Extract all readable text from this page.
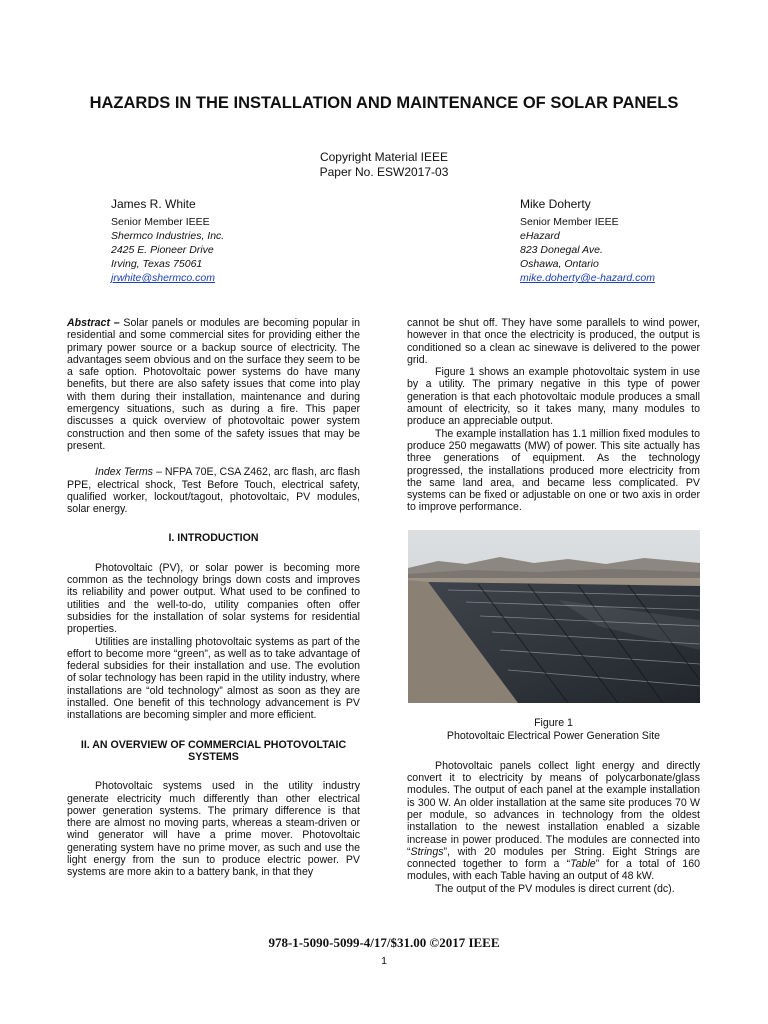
HAZARDS IN THE INSTALLATION AND MAINTENANCE OF SOLAR PANELS
Copyright Material IEEE
Paper No. ESW2017-03
James R. White
Senior Member IEEE
Shermco Industries, Inc.
2425 E. Pioneer Drive
Irving, Texas 75061
jrwhite@shermco.com
Mike Doherty
Senior Member IEEE
eHazard
823 Donegal Ave.
Oshawa, Ontario
mike.doherty@e-hazard.com

Abstract – Solar panels or modules are becoming popular in residential and some commercial sites for providing either the primary power source or a backup source of electricity. The advantages seem obvious and on the surface they seem to be a safe option. Photovoltaic power systems do have many benefits, but there are also safety issues that come into play with them during their installation, maintenance and during emergency situations, such as during a fire. This paper discusses a quick overview of photovoltaic power system construction and then some of the safety issues that may be present.

Index Terms – NFPA 70E, CSA Z462, arc flash, arc flash PPE, electrical shock, Test Before Touch, electrical safety, qualified worker, lockout/tagout, photovoltaic, PV modules, solar energy.

I. INTRODUCTION

Photovoltaic (PV), or solar power is becoming more common as the technology brings down costs and improves its reliability and power output. What used to be confined to utilities and the well-to-do, utility companies often offer subsidies for the installation of solar systems for residential properties.

Utilities are installing photovoltaic systems as part of the effort to become more “green”, as well as to take advantage of federal subsidies for their installation and use. The evolution of solar technology has been rapid in the utility industry, where installations are “old technology” almost as soon as they are installed. One benefit of this technology advancement is PV installations are becoming simpler and more efficient.

II. AN OVERVIEW OF COMMERCIAL PHOTOVOLTAIC SYSTEMS

Photovoltaic systems used in the utility industry generate electricity much differently than other electrical power generation systems. The primary difference is that there are almost no moving parts, whereas a steam-driven or wind generator will have a prime mover. Photovoltaic generating system have no prime mover, as such and use the light energy from the sun to produce electric power. PV systems are more akin to a battery bank, in that they

cannot be shut off. They have some parallels to wind power, however in that once the electricity is produced, the output is conditioned so a clean ac sinewave is delivered to the power grid.

Figure 1 shows an example photovoltaic system in use by a utility. The primary negative in this type of power generation is that each photovoltaic module produces a small amount of electricity, so it takes many, many modules to produce an appreciable output.

The example installation has 1.1 million fixed modules to produce 250 megawatts (MW) of power. This site actually has three generations of equipment. As the technology progressed, the installations produced more electricity from the same land area, and became less complicated. PV systems can be fixed or adjustable on one or two axis in order to improve performance.

Figure 1

Photovoltaic Electrical Power Generation Site

Photovoltaic panels collect light energy and directly convert it to electricity by means of polycarbonate/glass modules. The output of each panel at the example installation is 300 W. An older installation at the same site produces 70 W per module, so advances in technology from the oldest installation to the newest installation enabled a sizable increase in power produced. The modules are connected into “Strings”, with 20 modules per String. Eight Strings are connected together to form a “Table” for a total of 160 modules, with each Table having an output of 48 kW.

The output of the PV modules is direct current (dc).

978-1-5090-5099-4/17/$31.00 ©2017 IEEE
1
